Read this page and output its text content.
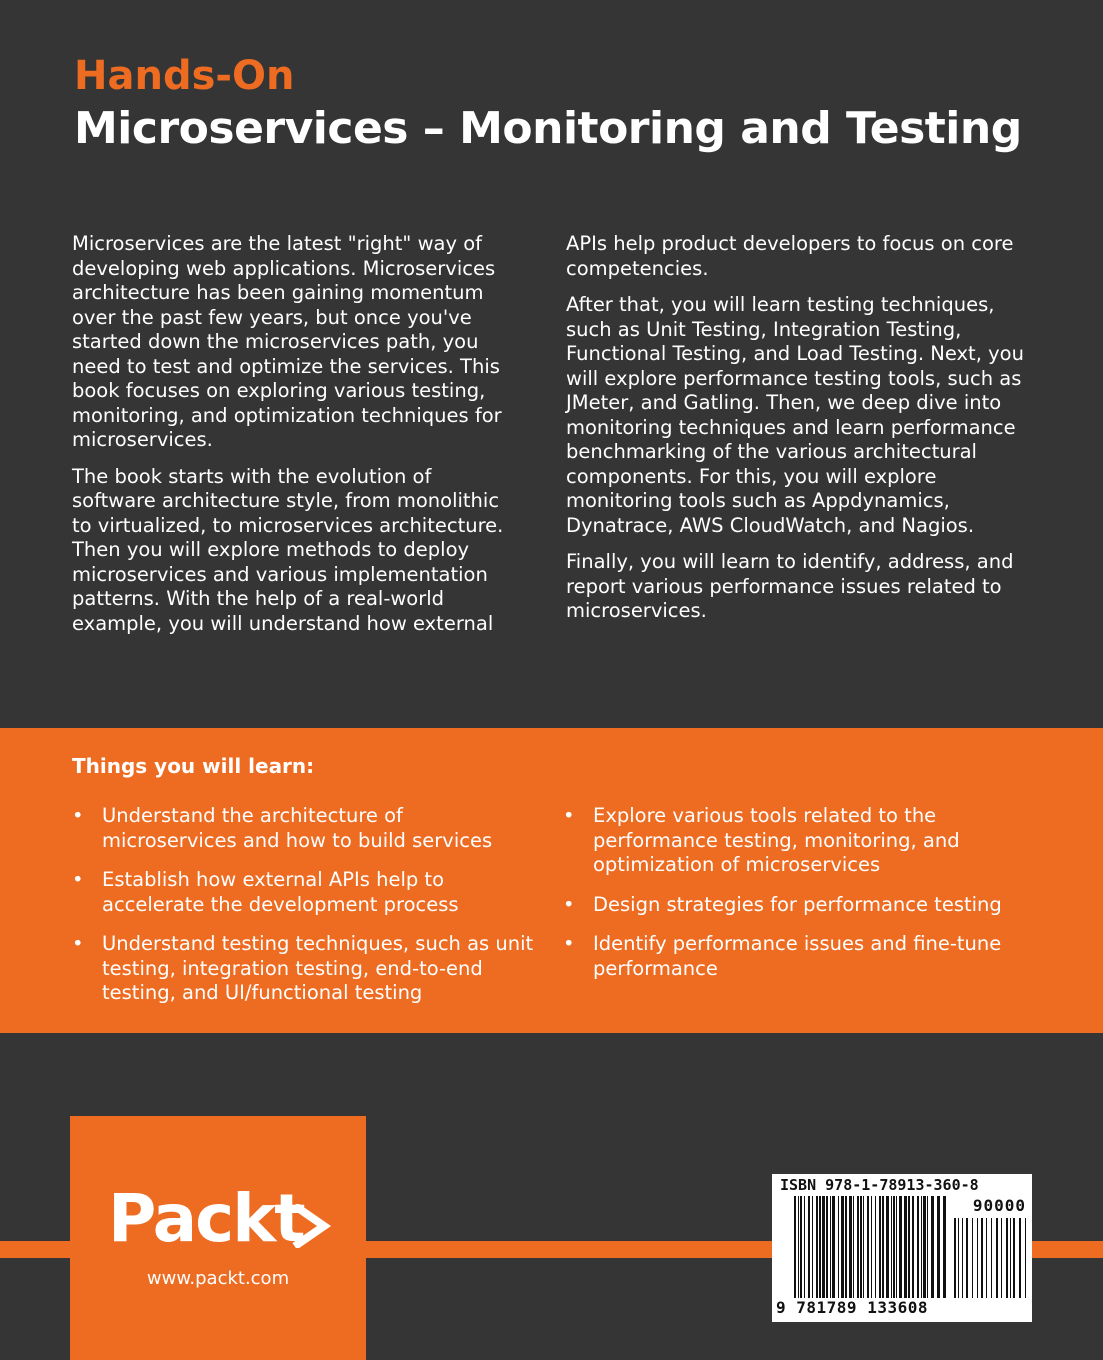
Hands-On
Microservices – Monitoring and Testing

Microservices are the latest "right" way of developing web applications. Microservices architecture has been gaining momentum over the past few years, but once you've started down the microservices path, you need to test and optimize the services. This book focuses on exploring various testing, monitoring, and optimization techniques for microservices.

The book starts with the evolution of software architecture style, from monolithic to virtualized, to microservices architecture. Then you will explore methods to deploy microservices and various implementation patterns. With the help of a real-world example, you will understand how external

APIs help product developers to focus on core competencies.

After that, you will learn testing techniques, such as Unit Testing, Integration Testing, Functional Testing, and Load Testing. Next, you will explore performance testing tools, such as JMeter, and Gatling. Then, we deep dive into monitoring techniques and learn performance benchmarking of the various architectural components. For this, you will explore monitoring tools such as Appdynamics, Dynatrace, AWS CloudWatch, and Nagios.

Finally, you will learn to identify, address, and report various performance issues related to microservices.

Things you will learn:
• Understand the architecture of microservices and how to build services
• Establish how external APIs help to accelerate the development process
• Understand testing techniques, such as unit testing, integration testing, end-to-end testing, and UI/functional testing
• Explore various tools related to the performance testing, monitoring, and optimization of microservices
• Design strategies for performance testing
• Identify performance issues and fine-tune performance
Packt
www.packt.com
ISBN 978-1-78913-360-8
90000
9 781789 133608
